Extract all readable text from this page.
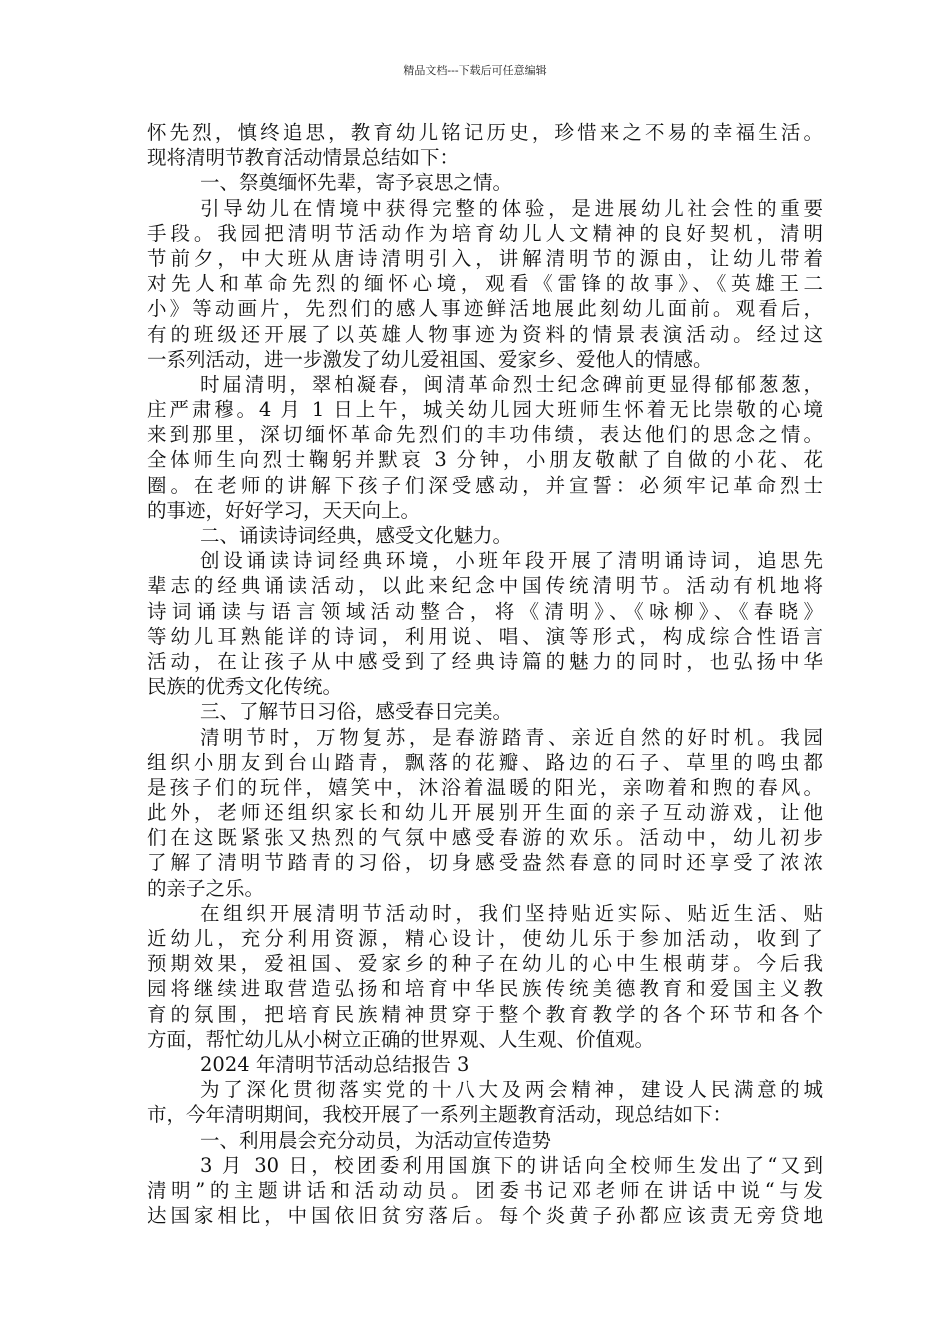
精品文档---下载后可任意编辑
怀先烈，慎终追思，教育幼儿铭记历史，珍惜来之不易的幸福生活。
现将清明节教育活动情景总结如下：
一、祭奠缅怀先辈，寄予哀思之情。
引导幼儿在情境中获得完整的体验，是进展幼儿社会性的重要
手段。我园把清明节活动作为培育幼儿人文精神的良好契机，清明
节前夕，中大班从唐诗清明引入，讲解清明节的源由，让幼儿带着
对先人和革命先烈的缅怀心境，观看《雷锋的故事》、《英雄王二
小》等动画片，先烈们的感人事迹鲜活地展此刻幼儿面前。观看后，
有的班级还开展了以英雄人物事迹为资料的情景表演活动。经过这
一系列活动，进一步激发了幼儿爱祖国、爱家乡、爱他人的情感。
时届清明，翠柏凝春，闽清革命烈士纪念碑前更显得郁郁葱葱，
庄严肃穆。4 月 1 日上午，城关幼儿园大班师生怀着无比崇敬的心境
来到那里，深切缅怀革命先烈们的丰功伟绩，表达他们的思念之情。
全体师生向烈士鞠躬并默哀 3 分钟，小朋友敬献了自做的小花、花
圈。在老师的讲解下孩子们深受感动，并宣誓：必须牢记革命烈士
的事迹，好好学习，天天向上。
二、诵读诗词经典，感受文化魅力。
创设诵读诗词经典环境，小班年段开展了清明诵诗词，追思先
辈志的经典诵读活动，以此来纪念中国传统清明节。活动有机地将
诗词诵读与语言领域活动整合，将《清明》、《咏柳》、《春晓》
等幼儿耳熟能详的诗词，利用说、唱、演等形式，构成综合性语言
活动，在让孩子从中感受到了经典诗篇的魅力的同时，也弘扬中华
民族的优秀文化传统。
三、了解节日习俗，感受春日完美。
清明节时，万物复苏，是春游踏青、亲近自然的好时机。我园
组织小朋友到台山踏青，飘落的花瓣、路边的石子、草里的鸣虫都
是孩子们的玩伴，嬉笑中，沐浴着温暖的阳光，亲吻着和煦的春风。
此外，老师还组织家长和幼儿开展别开生面的亲子互动游戏，让他
们在这既紧张又热烈的气氛中感受春游的欢乐。活动中，幼儿初步
了解了清明节踏青的习俗，切身感受盎然春意的同时还享受了浓浓
的亲子之乐。
在组织开展清明节活动时，我们坚持贴近实际、贴近生活、贴
近幼儿，充分利用资源，精心设计，使幼儿乐于参加活动，收到了
预期效果，爱祖国、爱家乡的种子在幼儿的心中生根萌芽。今后我
园将继续进取营造弘扬和培育中华民族传统美德教育和爱国主义教
育的氛围，把培育民族精神贯穿于整个教育教学的各个环节和各个
方面，帮忙幼儿从小树立正确的世界观、人生观、价值观。
2024 年清明节活动总结报告 3
为了深化贯彻落实党的十八大及两会精神，建设人民满意的城
市，今年清明期间，我校开展了一系列主题教育活动，现总结如下：
一、利用晨会充分动员，为活动宣传造势
3 月 30 日，校团委利用国旗下的讲话向全校师生发出了“又到
清明”的主题讲话和活动动员。团委书记邓老师在讲话中说“与发
达国家相比，中国依旧贫穷落后。每个炎黄子孙都应该责无旁贷地
